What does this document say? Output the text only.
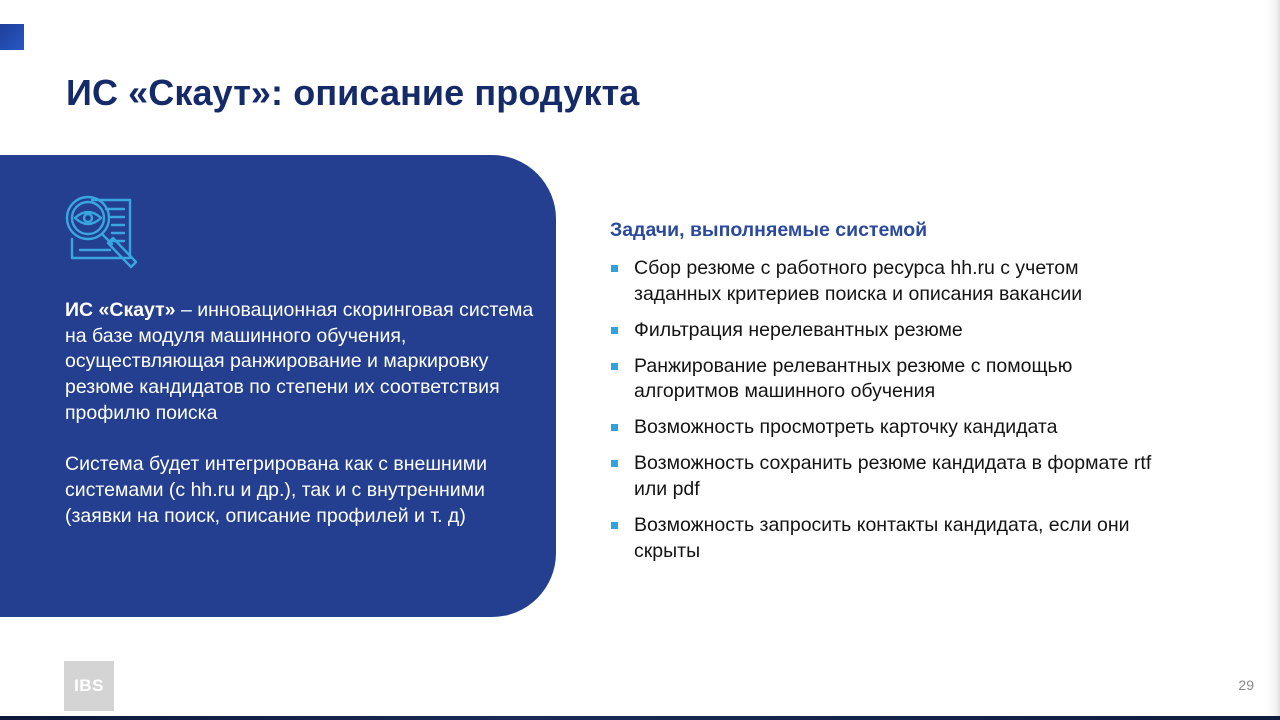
ИС «Скаут»: описание продукта

ИС «Скаут» – инновационная скоринговая система на базе модуля машинного обучения, осуществляющая ранжирование и маркировку резюме кандидатов по степени их соответствия профилю поиска

Система будет интегрирована как с внешними системами (с hh.ru и др.), так и с внутренними (заявки на поиск, описание профилей и т. д)

Задачи, выполняемые системой
Сбор резюме с работного ресурса hh.ru с учетом заданных критериев поиска и описания вакансии
Фильтрация нерелевантных резюме
Ранжирование релевантных резюме с помощью алгоритмов машинного обучения
Возможность просмотреть карточку кандидата
Возможность сохранить резюме кандидата в формате rtf или pdf
Возможность запросить контакты кандидата, если они скрыты
IBS	29
